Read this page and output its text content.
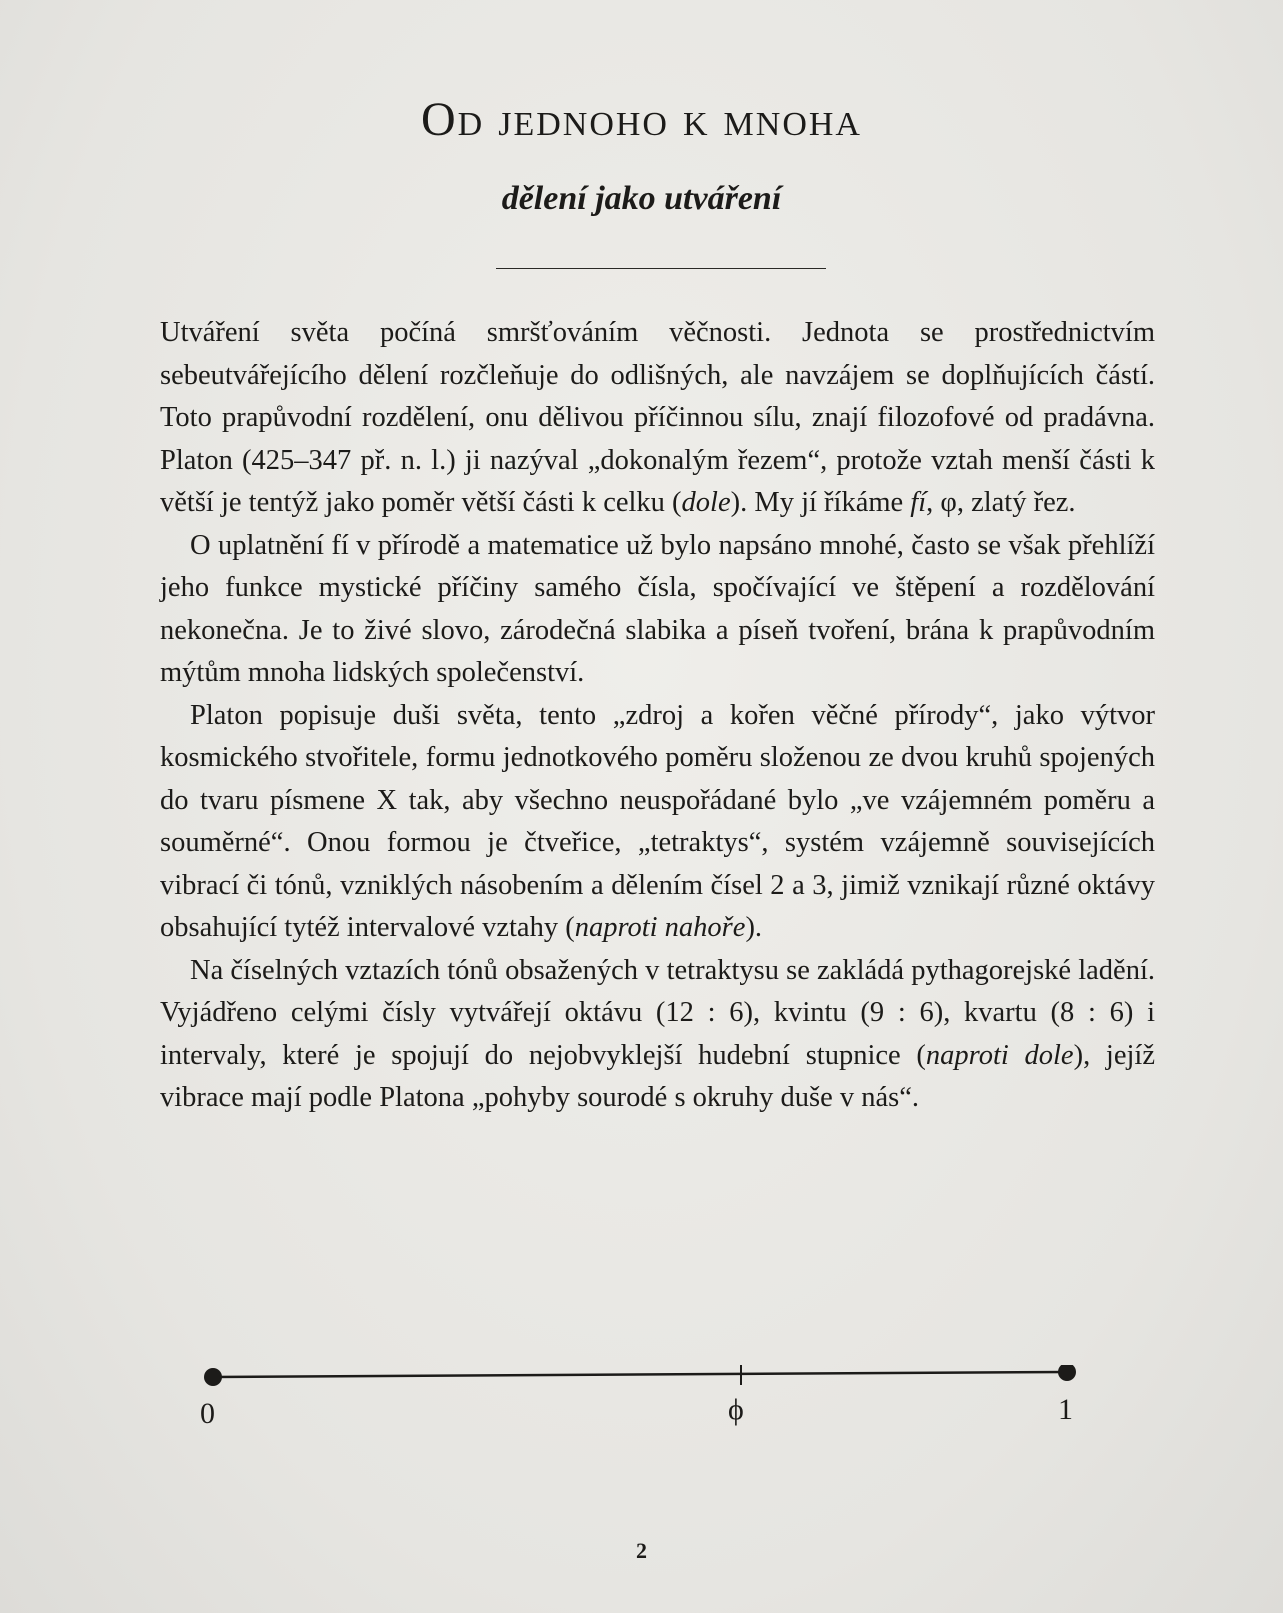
Od jednoho k mnoha
dělení jako utváření

Utváření světa počíná smršťováním věčnosti. Jednota se prostřednictvím sebeutvářejícího dělení rozčleňuje do odlišných, ale navzájem se doplňujících částí. Toto prapůvodní rozdělení, onu dělivou příčinnou sílu, znají filozofové od pradávna. Platon (425–347 př. n. l.) ji nazýval „dokonalým řezem“, protože vztah menší části k větší je tentýž jako poměr větší části k celku (dole). My jí říkáme fí, φ, zlatý řez.

O uplatnění fí v přírodě a matematice už bylo napsáno mnohé, často se však přehlíží jeho funkce mystické příčiny samého čísla, spočívající ve štěpení a rozdělování nekonečna. Je to živé slovo, zárodečná slabika a píseň tvoření, brána k prapůvodním mýtům mnoha lidských společenství.

Platon popisuje duši světa, tento „zdroj a kořen věčné přírody“, jako výtvor kosmického stvořitele, formu jednotkového poměru složenou ze dvou kruhů spojených do tvaru písmene X tak, aby všechno neuspořádané bylo „ve vzájemném poměru a souměrné“. Onou formou je čtveřice, „tetraktys“, systém vzájemně souvisejících vibrací či tónů, vzniklých násobením a dělením čísel 2 a 3, jimiž vznikají různé oktávy obsahující tytéž intervalové vztahy (naproti nahoře).

Na číselných vztazích tónů obsažených v tetraktysu se zakládá pythagorejské ladění. Vyjádřeno celými čísly vytvářejí oktávu (12 : 6), kvintu (9 : 6), kvartu (8 : 6) i intervaly, které je spojují do nejobvyklejší hudební stupnice (naproti dole), jejíž vibrace mají podle Platona „pohyby sourodé s okruhy duše v nás“.

0	ϕ	1
2
